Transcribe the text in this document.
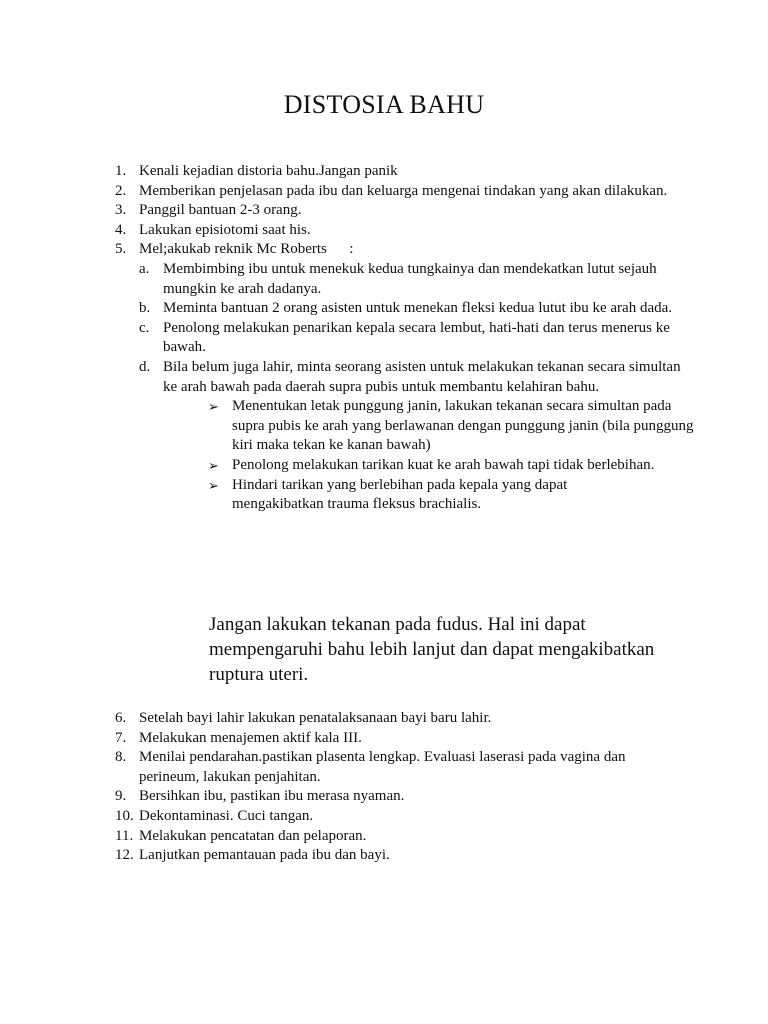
DISTOSIA BAHU
1. Kenali kejadian distoria bahu.Jangan panik
2. Memberikan penjelasan pada ibu dan keluarga mengenai tindakan yang akan dilakukan.
3. Panggil bantuan 2-3 orang.
4. Lakukan episiotomi saat his.
5. Mel;akukab reknik Mc Roberts      :
a. Membimbing ibu untuk menekuk kedua tungkainya dan mendekatkan lutut sejauh mungkin ke arah dadanya.
b. Meminta bantuan 2 orang asisten untuk menekan fleksi kedua lutut ibu ke arah dada.
c. Penolong melakukan penarikan kepala secara lembut, hati-hati dan terus menerus ke bawah.
d. Bila belum juga lahir, minta seorang asisten untuk melakukan tekanan secara simultan ke arah bawah pada daerah supra pubis untuk membantu kelahiran bahu.
➢ Menentukan letak punggung janin, lakukan tekanan secara simultan pada supra pubis ke arah yang berlawanan dengan punggung janin (bila punggung kiri maka tekan ke kanan bawah)
➢ Penolong melakukan tarikan kuat ke arah bawah tapi tidak berlebihan.
➢ Hindari tarikan yang berlebihan pada kepala yang dapat mengakibatkan trauma fleksus brachialis.
Jangan lakukan tekanan pada fudus. Hal ini dapat mempengaruhi bahu lebih lanjut dan dapat mengakibatkan ruptura uteri.
6. Setelah bayi lahir lakukan penatalaksanaan bayi baru lahir.
7. Melakukan menajemen aktif kala III.
8. Menilai pendarahan.pastikan plasenta lengkap. Evaluasi laserasi pada vagina dan perineum, lakukan penjahitan.
9. Bersihkan ibu, pastikan ibu merasa nyaman.
10. Dekontaminasi. Cuci tangan.
11. Melakukan pencatatan dan pelaporan.
12. Lanjutkan pemantauan pada ibu dan bayi.
